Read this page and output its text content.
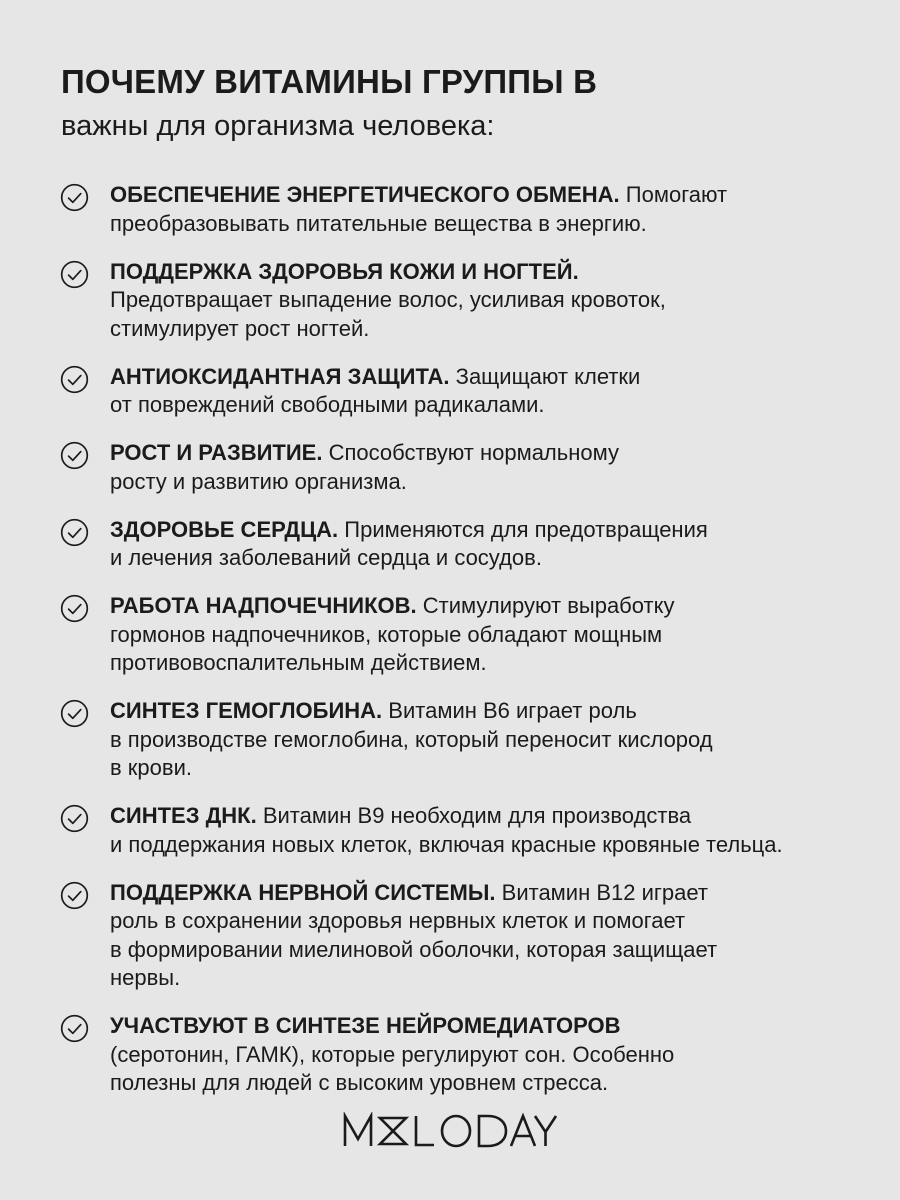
ПОЧЕМУ ВИТАМИНЫ ГРУППЫ В
важны для организма человека:
ОБЕСПЕЧЕНИЕ ЭНЕРГЕТИЧЕСКОГО ОБМЕНА. Помогают
преобразовывать питательные вещества в энергию.
ПОДДЕРЖКА ЗДОРОВЬЯ КОЖИ И НОГТЕЙ.
Предотвращает выпадение волос, усиливая кровоток,
стимулирует рост ногтей.
АНТИОКСИДАНТНАЯ ЗАЩИТА. Защищают клетки
от повреждений свободными радикалами.
РОСТ И РАЗВИТИЕ. Способствуют нормальному
росту и развитию организма.
ЗДОРОВЬЕ СЕРДЦА. Применяются для предотвращения
и лечения заболеваний сердца и сосудов.
РАБОТА НАДПОЧЕЧНИКОВ. Стимулируют выработку
гормонов надпочечников, которые обладают мощным
противовоспалительным действием.
СИНТЕЗ ГЕМОГЛОБИНА. Витамин B6 играет роль
в производстве гемоглобина, который переносит кислород
в крови.
СИНТЕЗ ДНК. Витамин B9 необходим для производства
и поддержания новых клеток, включая красные кровяные тельца.
ПОДДЕРЖКА НЕРВНОЙ СИСТЕМЫ. Витамин B12 играет
роль в сохранении здоровья нервных клеток и помогает
в формировании миелиновой оболочки, которая защищает
нервы.
УЧАСТВУЮТ В СИНТЕЗЕ НЕЙРОМЕДИАТОРОВ
(серотонин, ГАМК), которые регулируют сон. Особенно
полезны для людей с высоким уровнем стресса.
